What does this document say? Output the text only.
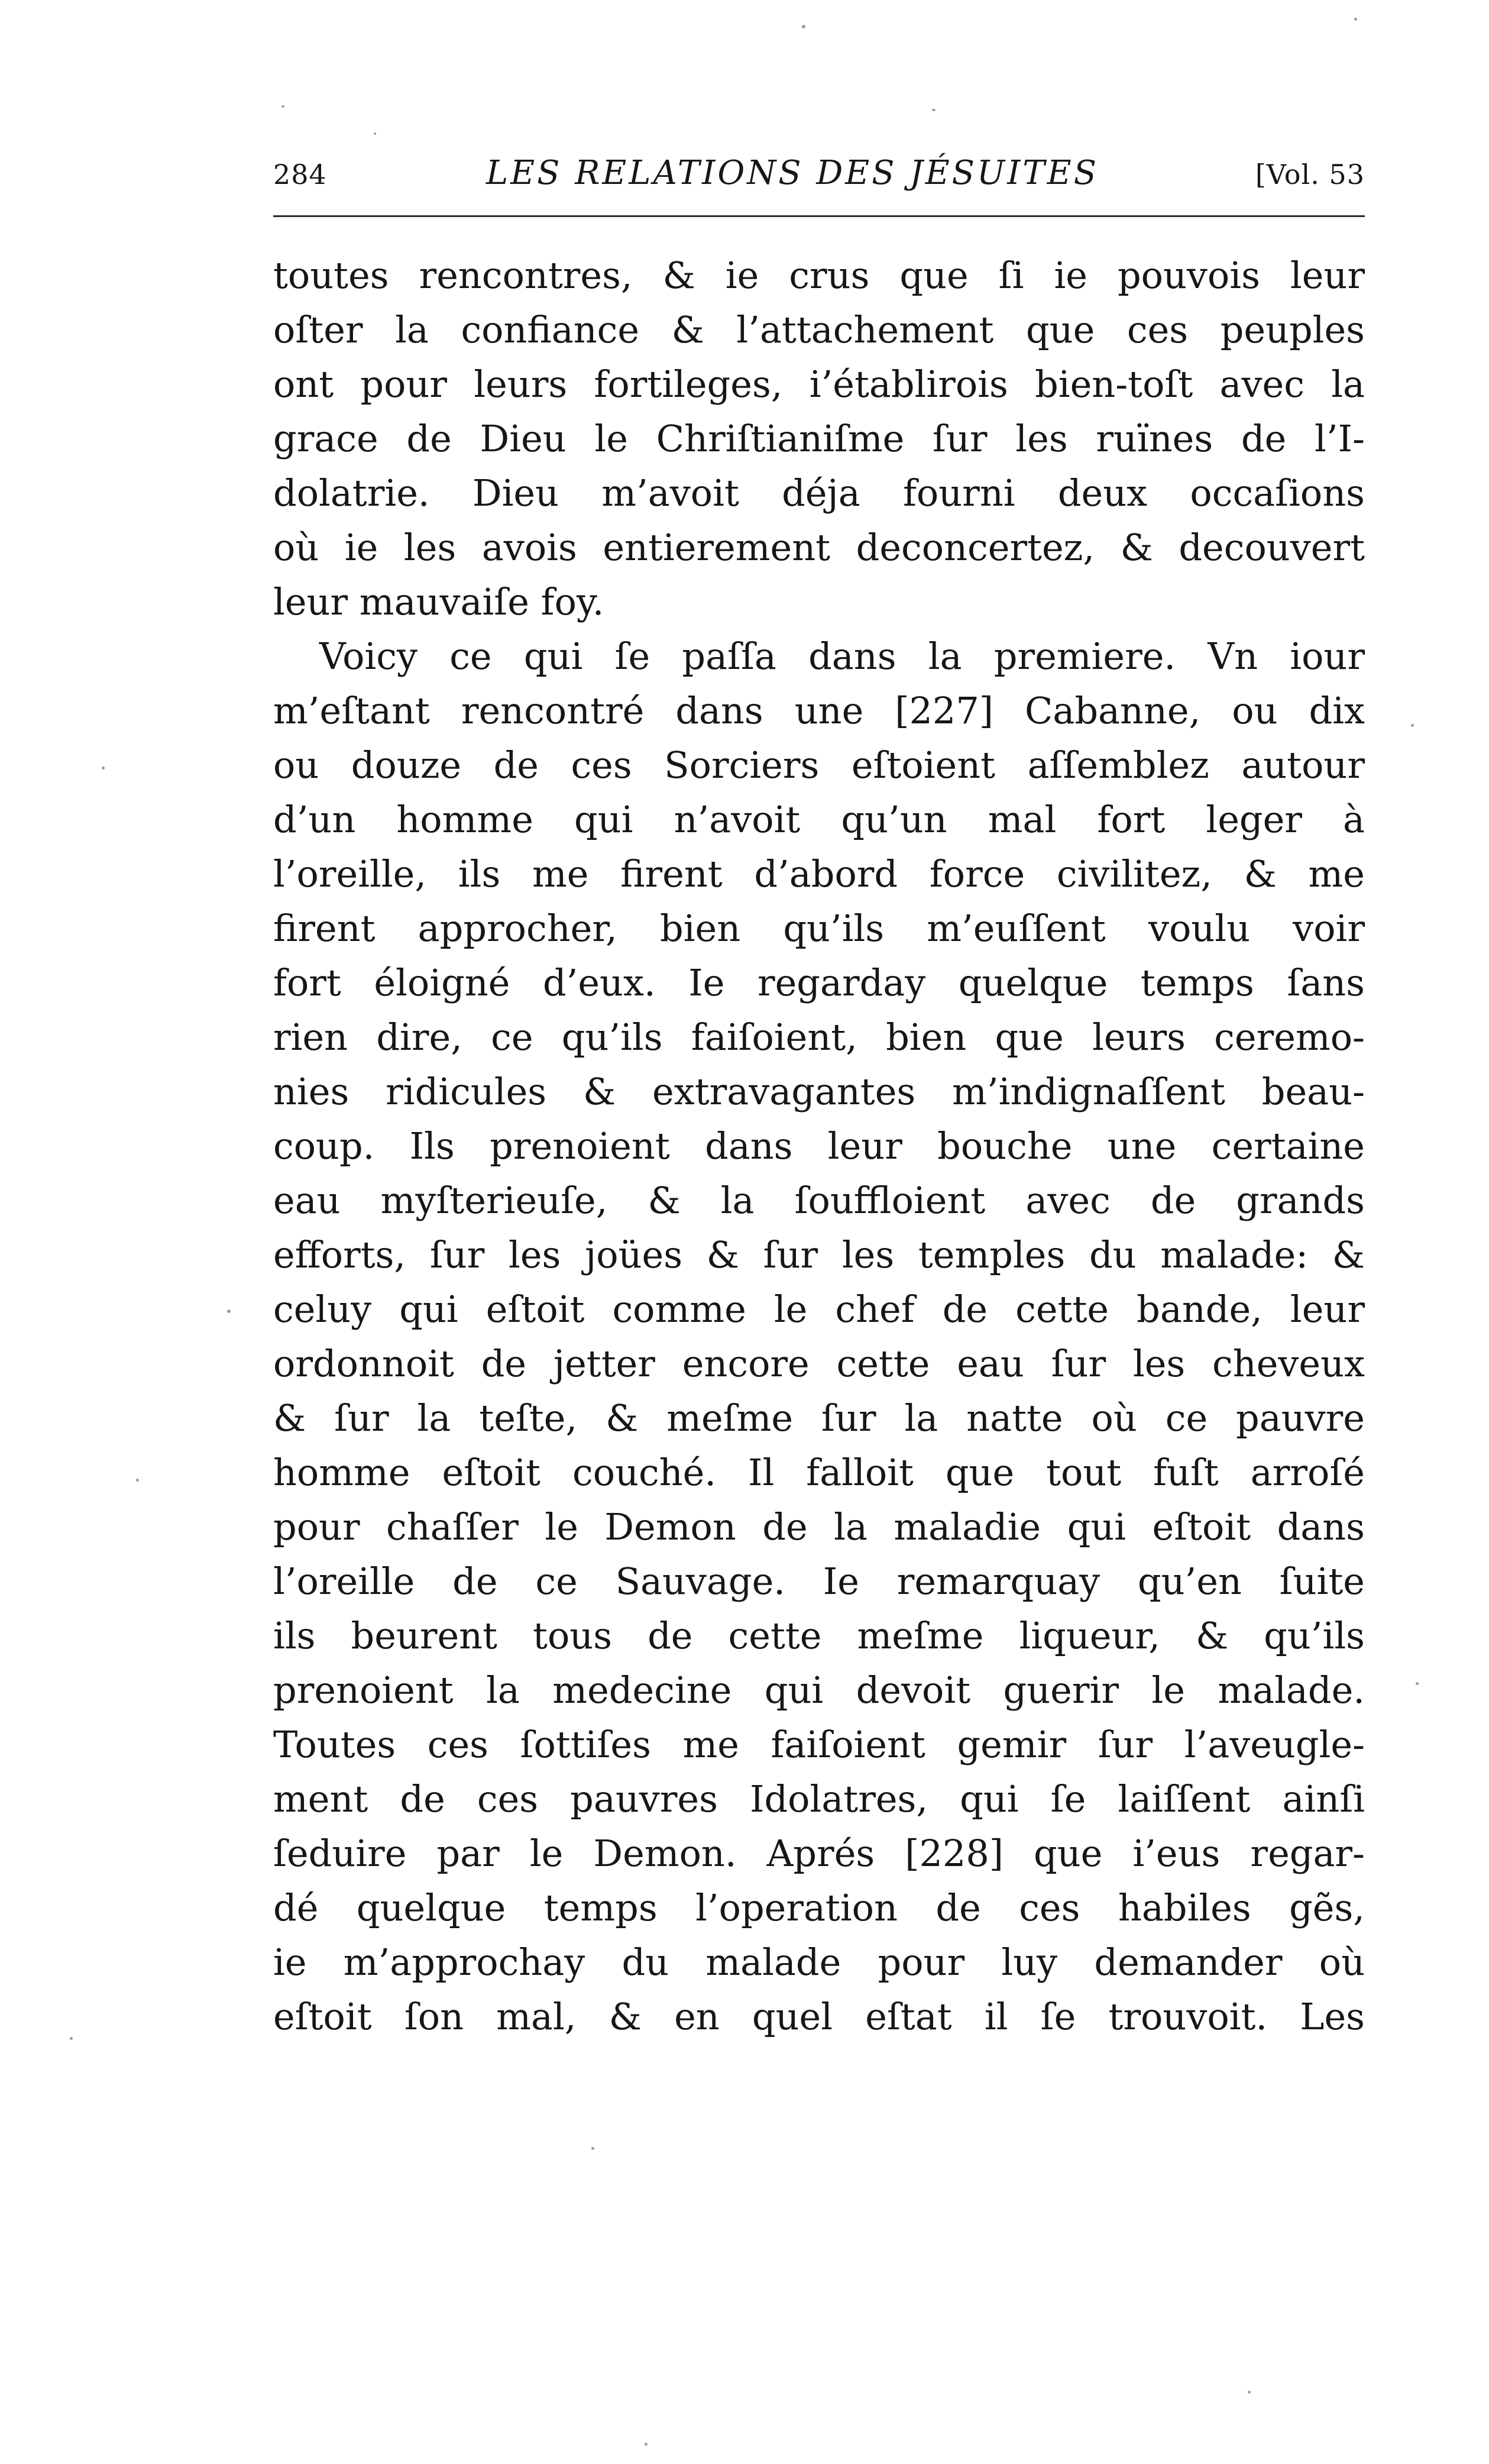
284	LES RELATIONS DES JÉSUITES	[Vol. 53
toutes rencontres, & ie crus que ſi ie pouvois leur
oſter la confiance & l’attachement que ces peuples
ont pour leurs fortileges, i’établirois bien-toſt avec la
grace de Dieu le Chriſtianiſme ſur les ruïnes de l’I-
dolatrie. Dieu m’avoit déja fourni deux occaſions
où ie les avois entierement deconcertez, & decouvert
leur mauvaiſe foy.
Voicy ce qui ſe paſſa dans la premiere. Vn iour
m’eſtant rencontré dans une [227] Cabanne, ou dix
ou douze de ces Sorciers eſtoient aſſemblez autour
d’un homme qui n’avoit qu’un mal fort leger à
l’oreille, ils me firent d’abord force civilitez, & me
firent approcher, bien qu’ils m’euſſent voulu voir
fort éloigné d’eux. Ie regarday quelque temps ſans
rien dire, ce qu’ils faiſoient, bien que leurs ceremo-
nies ridicules & extravagantes m’indignaſſent beau-
coup. Ils prenoient dans leur bouche une certaine
eau myſterieuſe, & la ſouffloient avec de grands
efforts, ſur les joües & ſur les temples du malade: &
celuy qui eſtoit comme le chef de cette bande, leur
ordonnoit de jetter encore cette eau ſur les cheveux
& ſur la teſte, & meſme ſur la natte où ce pauvre
homme eſtoit couché. Il falloit que tout fuſt arroſé
pour chaſſer le Demon de la maladie qui eſtoit dans
l’oreille de ce Sauvage. Ie remarquay qu’en ſuite
ils beurent tous de cette meſme liqueur, & qu’ils
prenoient la medecine qui devoit guerir le malade.
Toutes ces ſottiſes me faiſoient gemir ſur l’aveugle-
ment de ces pauvres Idolatres, qui ſe laiſſent ainſi
ſeduire par le Demon. Aprés [228] que i’eus regar-
dé quelque temps l’operation de ces habiles gẽs,
ie m’approchay du malade pour luy demander où
eſtoit ſon mal, & en quel eſtat il ſe trouvoit. Les
